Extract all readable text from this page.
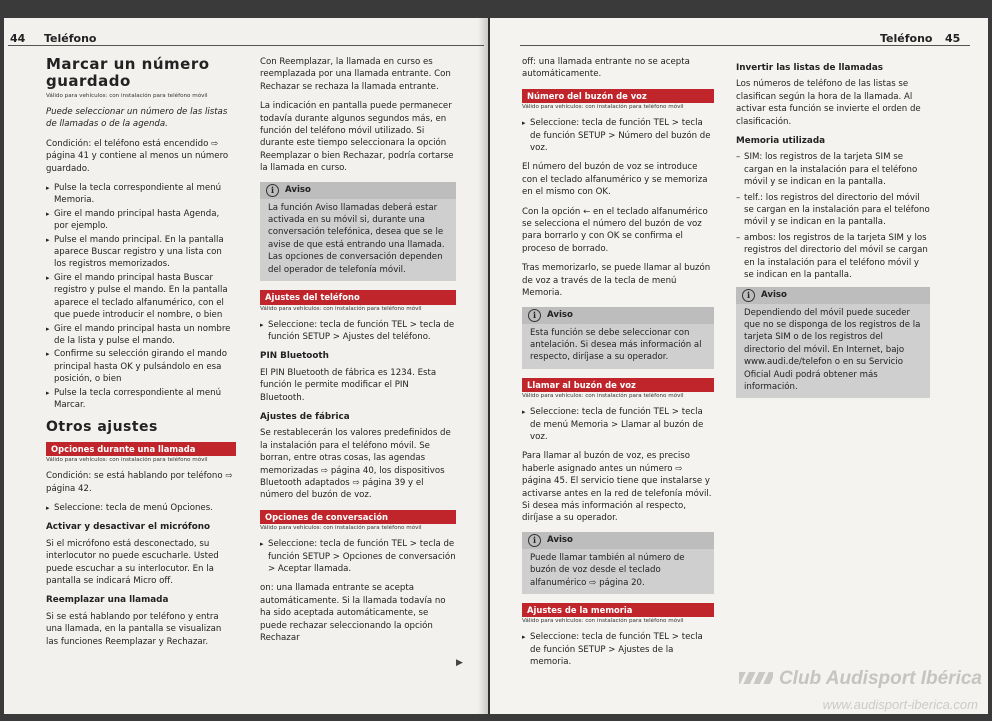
44 Teléfono
Marcar un número guardado
Válido para vehículos: con instalación para teléfono móvil

Puede seleccionar un número de las listas de llamadas o de la agenda.

Condición: el teléfono está encendido ⇨ página 41 y contiene al menos un número guardado.

▸ Pulse la tecla correspondiente al menú Memoria.
▸ Gire el mando principal hasta Agenda, por ejemplo.
▸ Pulse el mando principal. En la pantalla aparece Buscar registro y una lista con los registros memorizados.
▸ Gire el mando principal hasta Buscar registro y pulse el mando. En la pantalla aparece el teclado alfanumérico, con el que puede introducir el nombre, o bien
▸ Gire el mando principal hasta un nombre de la lista y pulse el mando.
▸ Confirme su selección girando el mando principal hasta OK y pulsándolo en esa posición, o bien
▸ Pulse la tecla correspondiente al menú Marcar.
Otros ajustes
Opciones durante una llamada
Válido para vehículos: con instalación para teléfono móvil

Condición: se está hablando por teléfono ⇨ página 42.

▸ Seleccione: tecla de menú Opciones.
Activar y desactivar el micrófono

Si el micrófono está desconectado, su interlocutor no puede escucharle. Usted puede escuchar a su interlocutor. En la pantalla se indicará Micro off.

Reemplazar una llamada

Si se está hablando por teléfono y entra una llamada, en la pantalla se visualizan las funciones Reemplazar y Rechazar.

Con Reemplazar, la llamada en curso es reemplazada por una llamada entrante. Con Rechazar se rechaza la llamada entrante.

La indicación en pantalla puede permanecer todavía durante algunos segundos más, en función del teléfono móvil utilizado. Si durante este tiempo seleccionara la opción Reemplazar o bien Rechazar, podría cortarse la llamada en curso.

i	Aviso
La función Aviso llamadas deberá estar activada en su móvil si, durante una conversación telefónica, desea que se le avise de que está entrando una llamada. Las opciones de conversación dependen del operador de telefonía móvil.
Ajustes del teléfono
Válido para vehículos: con instalación para teléfono móvil
▸ Seleccione: tecla de función TEL > tecla de función SETUP > Ajustes del teléfono.
PIN Bluetooth

El PIN Bluetooth de fábrica es 1234. Esta función le permite modificar el PIN Bluetooth.

Ajustes de fábrica

Se restablecerán los valores predefinidos de la instalación para el teléfono móvil. Se borran, entre otras cosas, las agendas memorizadas ⇨ página 40, los dispositivos Bluetooth adaptados ⇨ página 39 y el número del buzón de voz.

Opciones de conversación
Válido para vehículos: con instalación para teléfono móvil
▸ Seleccione: tecla de función TEL > tecla de función SETUP > Opciones de conversación > Aceptar llamada.

on: una llamada entrante se acepta automáticamente. Si la llamada todavía no ha sido aceptada automáticamente, se puede rechazar seleccionando la opción Rechazar

▶
Teléfono 45

off: una llamada entrante no se acepta automáticamente.

Número del buzón de voz
Válido para vehículos: con instalación para teléfono móvil
▸ Seleccione: tecla de función TEL > tecla de función SETUP > Número del buzón de voz.

El número del buzón de voz se introduce con el teclado alfanumérico y se memoriza en el mismo con OK.

Con la opción ← en el teclado alfanumérico se selecciona el número del buzón de voz para borrarlo y con OK se confirma el proceso de borrado.

Tras memorizarlo, se puede llamar al buzón de voz a través de la tecla de menú Memoria.

i	Aviso
Esta función se debe seleccionar con antelación. Si desea más información al respecto, diríjase a su operador.
Llamar al buzón de voz
Válido para vehículos: con instalación para teléfono móvil
▸ Seleccione: tecla de función TEL > tecla de menú Memoria > Llamar al buzón de voz.

Para llamar al buzón de voz, es preciso haberle asignado antes un número ⇨ página 45. El servicio tiene que instalarse y activarse antes en la red de telefonía móvil. Si desea más información al respecto, diríjase a su operador.

i	Aviso
Puede llamar también al número de buzón de voz desde el teclado alfanumérico ⇨ página 20.
Ajustes de la memoria
Válido para vehículos: con instalación para teléfono móvil
▸ Seleccione: tecla de función TEL > tecla de función SETUP > Ajustes de la memoria.
Invertir las listas de llamadas

Los números de teléfono de las listas se clasifican según la hora de la llamada. Al activar esta función se invierte el orden de clasificación.

Memoria utilizada
– SIM: los registros de la tarjeta SIM se cargan en la instalación para el teléfono móvil y se indican en la pantalla.
– telf.: los registros del directorio del móvil se cargan en la instalación para el teléfono móvil y se indican en la pantalla.
– ambos: los registros de la tarjeta SIM y los registros del directorio del móvil se cargan en la instalación para el teléfono móvil y se indican en la pantalla.
i	Aviso
Dependiendo del móvil puede suceder que no se disponga de los registros de la tarjeta SIM o de los registros del directorio del móvil. En Internet, bajo www.audi.de/telefon o en su Servicio Oficial Audi podrá obtener más información.
Club Audisport Ibérica
www.audisport-iberica.com
